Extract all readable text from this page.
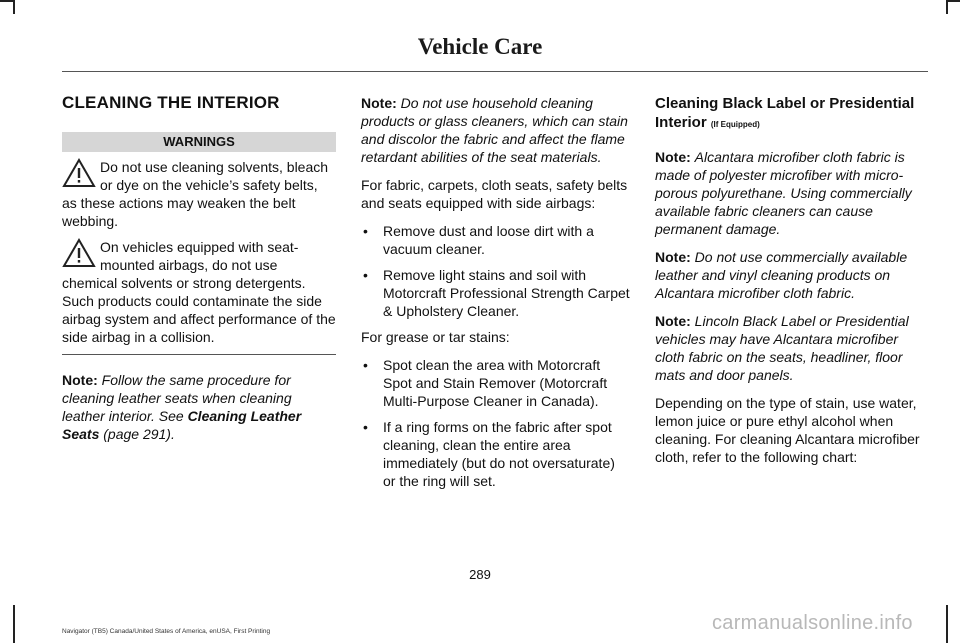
Vehicle Care
CLEANING THE INTERIOR
WARNINGS

Do not use cleaning solvents, bleach or dye on the vehicle’s safety belts, as these actions may weaken the belt webbing.

On vehicles equipped with seat-mounted airbags, do not use chemical solvents or strong detergents. Such products could contaminate the side airbag system and affect performance of the side airbag in a collision.

Note: Follow the same procedure for cleaning leather seats when cleaning leather interior. See Cleaning Leather Seats (page 291).

Note: Do not use household cleaning products or glass cleaners, which can stain and discolor the fabric and affect the flame retardant abilities of the seat materials.

For fabric, carpets, cloth seats, safety belts and seats equipped with side airbags:

• Remove dust and loose dirt with a vacuum cleaner.
• Remove light stains and soil with Motorcraft Professional Strength Carpet & Upholstery Cleaner.

For grease or tar stains:

• Spot clean the area with Motorcraft Spot and Stain Remover (Motorcraft Multi-Purpose Cleaner in Canada).
• If a ring forms on the fabric after spot cleaning, clean the entire area immediately (but do not oversaturate) or the ring will set.
Cleaning Black Label or Presidential Interior (If Equipped)

Note: Alcantara microfiber cloth fabric is made of polyester microfiber with micro-porous polyurethane. Using commercially available fabric cleaners can cause permanent damage.

Note: Do not use commercially available leather and vinyl cleaning products on Alcantara microfiber cloth fabric.

Note: Lincoln Black Label or Presidential vehicles may have Alcantara microfiber cloth fabric on the seats, headliner, floor mats and door panels.

Depending on the type of stain, use water, lemon juice or pure ethyl alcohol when cleaning. For cleaning Alcantara microfiber cloth, refer to the following chart:

289
Navigator (TB5) Canada/United States of America, enUSA, First Printing	carmanualsonline.info
